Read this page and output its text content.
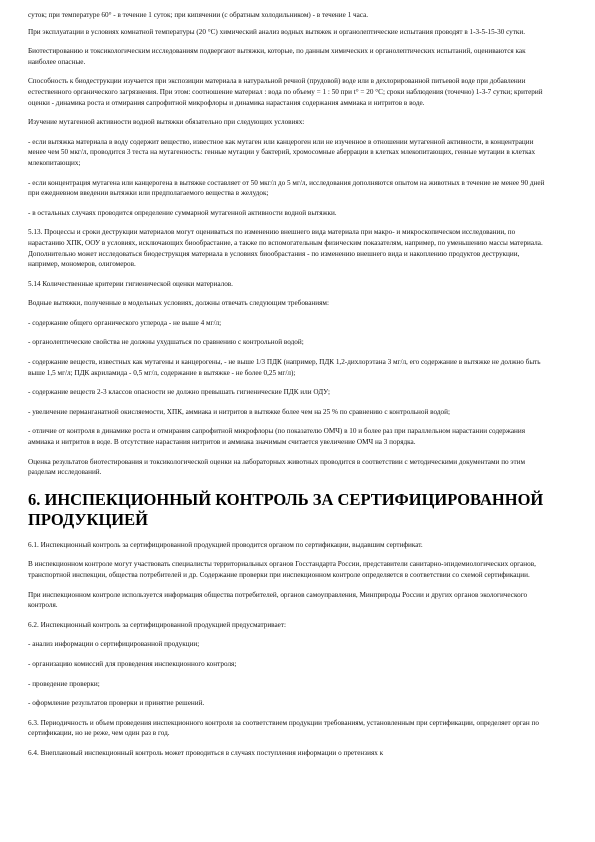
суток; при температуре 60° - в течение 1 суток; при кипячении (с обратным холодильником) - в течение 1 часа.

При эксплуатации в условиях комнатной температуры (20 °С) химический анализ водных вытяжек и органолептические испытания проводят в 1-3-5-15-30 сутки.

Биотестированию и токсикологическим исследованиям подвергают вытяжки, которые, по данным химических и органолептических испытаний, оцениваются как наиболее опасные.

Способность к биодеструкции изучается при экспозиции материала в натуральной речной (прудовой) воде или в дехлорированной питьевой воде при добавлении естественного органического загрязнения. При этом: соотношение материал : вода по объему = 1 : 50 при t° = 20 °С; сроки наблюдения (точечно) 1-3-7 сутки; критерий оценки - динамика роста и отмирания сапрофитной микрофлоры и динамика нарастания содержания аммиака и нитритов в воде.

Изучение мутагенной активности водной вытяжки обязательно при следующих условиях:

- если вытяжка материала в воду содержит вещество, известное как мутаген или канцероген или не изученное в отношении мутагенной активности, в концентрации менее чем 50 мкг/л, проводится 3 теста на мутагенность: генные мутации у бактерий, хромосомные аберрации в клетках млекопитающих, генные мутации в клетках млекопитающих;

- если концентрация мутагена или канцерогена в вытяжке составляет от 50 мкг/л до 5 мг/л, исследования дополняются опытом на животных в течение не менее 90 дней при ежедневном введении вытяжки или предполагаемого вещества в желудок;

- в остальных случаях проводится определение суммарной мутагенной активности водной вытяжки.

5.13. Процессы и сроки деструкции материалов могут оцениваться по изменению внешнего вида материала при макро- и микроскопическом исследовании, по нарастанию ХПК, ООУ в условиях, исключающих биообрастание, а также по вспомогательным физическим показателям, например, по уменьшению массы материала. Дополнительно может исследоваться биодеструкция материала в условиях биообрастания - по изменению внешнего вида и накоплению продуктов деструкции, например, мономеров, олигомеров.

5.14 Количественные критерии гигиенической оценки материалов.

Водные вытяжки, полученные в модельных условиях, должны отвечать следующим требованиям:

- содержание общего органического углерода - не выше 4 мг/л;

- органолептические свойства не должны ухудшаться по сравнению с контрольной водой;

- содержание веществ, известных как мутагены и канцерогены, - не выше 1/3 ПДК (например, ПДК 1,2-дихлорэтана 3 мг/л, его содержание в вытяжке не должно быть выше 1,5 мг/л; ПДК акриламида - 0,5 мг/л, содержание в вытяжке - не более 0,25 мг/л);

- содержание веществ 2-3 классов опасности не должно превышать гигиенические ПДК или ОДУ;

- увеличение перманганатной окисляемости, ХПК, аммиака и нитритов в вытяжке более чем на 25 % по сравнению с контрольной водой;

- отличие от контроля в динамике роста и отмирания сапрофитной микрофлоры (по показателю ОМЧ) в 10 и более раз при параллельном нарастании содержания аммиака и нитритов в воде. В отсутствие нарастания нитритов и аммиака значимым считается увеличение ОМЧ на 3 порядка.

Оценка результатов биотестирования и токсикологической оценки на лабораторных животных проводится в соответствии с методическими документами по этим разделам исследований.

6. ИНСПЕКЦИОННЫЙ КОНТРОЛЬ ЗА СЕРТИФИЦИРОВАННОЙ ПРОДУКЦИЕЙ

6.1. Инспекционный контроль за сертифицированной продукцией проводится органом по сертификации, выдавшим сертификат.

В инспекционном контроле могут участвовать специалисты территориальных органов Госстандарта России, представители санитарно-эпидемиологических органов, транспортной инспекции, общества потребителей и др. Содержание проверки при инспекционном контроле определяется в соответствии со схемой сертификации.

При инспекционном контроле используется информация общества потребителей, органов самоуправления, Минприроды России и других органов экологического контроля.

6.2. Инспекционный контроль за сертифицированной продукцией предусматривает:

- анализ информации о сертифицированной продукции;

- организацию комиссий для проведения инспекционного контроля;

- проведение проверки;

- оформление результатов проверки и принятие решений.

6.3. Периодичность и объем проведения инспекционного контроля за соответствием продукции требованиям, установленным при сертификации, определяет орган по сертификации, но не реже, чем один раз в год.

6.4. Внеплановый инспекционный контроль может проводиться в случаях поступления информации о претензиях к
